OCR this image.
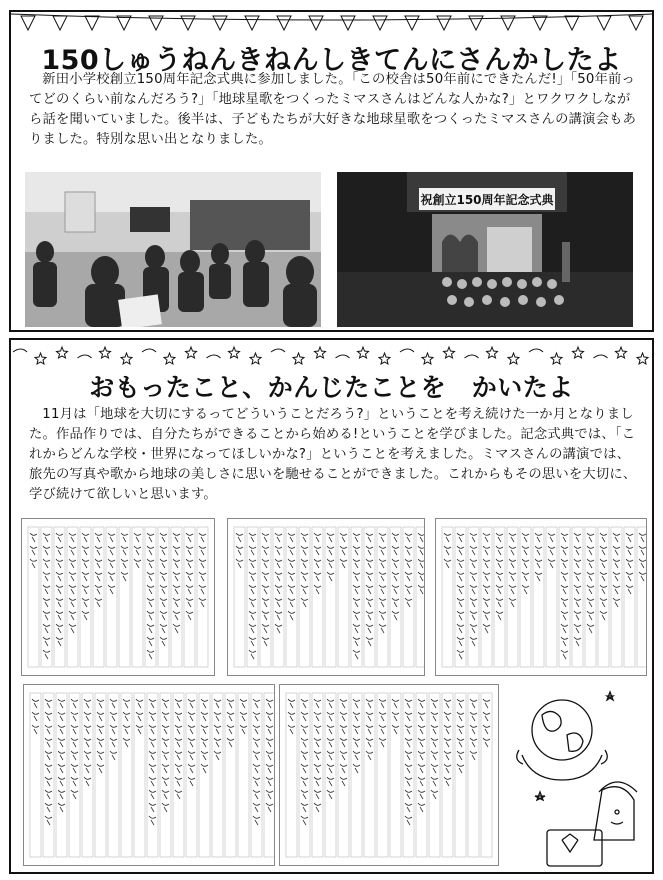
150しゅうねんきねんしきてんにさんかしたよ
新田小学校創立150周年記念式典に参加しました。「この校舎は50年前にできたんだ!」「50年前ってどのくらい前なんだろう?」「地球星歌をつくったミマスさんはどんな人かな?」とワクワクしながら話を聞いていました。後半は、子どもたちが大好きな地球星歌をつくったミマスさんの講演会もありました。特別な思い出となりました。
祝創立150周年記念式典
おもったこと、かんじたことを　かいたよ
11月は「地球を大切にするってどういうことだろう?」ということを考え続けた一か月となりました。作品作りでは、自分たちができることから始める!ということを学びました。記念式典では、「これからどんな学校・世界になってほしいかな?」ということを考えました。ミマスさんの講演では、旅先の写真や歌から地球の美しさに思いを馳せることができました。これからもその思いを大切に、学び続けて欲しいと思います。
